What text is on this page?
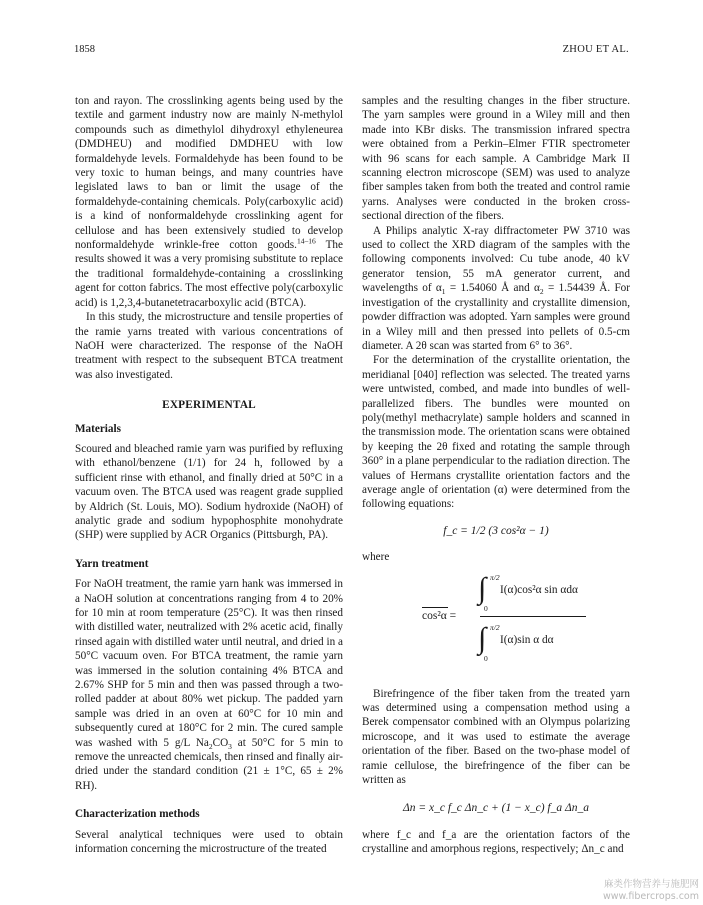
1858	ZHOU ET AL.

ton and rayon. The crosslinking agents being used by the textile and garment industry now are mainly N-methylol compounds such as dimethylol dihydroxyl ethyleneurea (DMDHEU) and modified DMDHEU with low formaldehyde levels. Formaldehyde has been found to be very toxic to human beings, and many countries have legislated laws to ban or limit the usage of the formaldehyde-containing chemicals. Poly(carboxylic acid) is a kind of nonformaldehyde crosslinking agent for cellulose and has been extensively studied to develop nonformaldehyde wrinkle-free cotton goods.$^{14-16}$ The results showed it was a very promising substitute to replace the traditional formaldehyde-containing a crosslinking agent for cotton fabrics. The most effective poly(carboxylic acid) is 1,2,3,4-butanetetracarboxylic acid (BTCA).

In this study, the microstructure and tensile properties of the ramie yarns treated with various concentrations of NaOH were characterized. The response of the NaOH treatment with respect to the subsequent BTCA treatment was also investigated.

EXPERIMENTAL
Materials

Scoured and bleached ramie yarn was purified by refluxing with ethanol/benzene (1/1) for 24 h, followed by a sufficient rinse with ethanol, and finally dried at 50°C in a vacuum oven. The BTCA used was reagent grade supplied by Aldrich (St. Louis, MO). Sodium hydroxide (NaOH) of analytic grade and sodium hypophosphite monohydrate (SHP) were supplied by ACR Organics (Pittsburgh, PA).

Yarn treatment

For NaOH treatment, the ramie yarn hank was immersed in a NaOH solution at concentrations ranging from 4 to 20% for 10 min at room temperature (25°C). It was then rinsed with distilled water, neutralized with 2% acetic acid, finally rinsed again with distilled water until neutral, and dried in a 50°C vacuum oven. For BTCA treatment, the ramie yarn was immersed in the solution containing 4% BTCA and 2.67% SHP for 5 min and then was passed through a two-rolled padder at about 80% wet pickup. The padded yarn sample was dried in an oven at 60°C for 10 min and subsequently cured at 180°C for 2 min. The cured sample was washed with 5 g/L $Na_2CO_3$ at 50°C for 5 min to remove the unreacted chemicals, then rinsed and finally air-dried under the standard condition (21 ± 1°C, 65 ± 2% RH).

Characterization methods

Several analytical techniques were used to obtain information concerning the microstructure of the treated

samples and the resulting changes in the fiber structure. The yarn samples were ground in a Wiley mill and then made into KBr disks. The transmission infrared spectra were obtained from a Perkin–Elmer FTIR spectrometer with 96 scans for each sample. A Cambridge Mark II scanning electron microscope (SEM) was used to analyze fiber samples taken from both the treated and control ramie yarns. Analyses were conducted in the broken cross-sectional direction of the fibers.

A Philips analytic X-ray diffractometer PW 3710 was used to collect the XRD diagram of the samples with the following components involved: Cu tube anode, 40 kV generator tension, 55 mA generator current, and wavelengths of $\alpha_1 = 1.54060$ Å and $\alpha_2 = 1.54439$ Å. For investigation of the crystallinity and crystallite dimension, powder diffraction was adopted. Yarn samples were ground in a Wiley mill and then pressed into pellets of 0.5-cm diameter. A 2θ scan was started from 6° to 36°.

For the determination of the crystallite orientation, the meridianal [040] reflection was selected. The treated yarns were untwisted, combed, and made into bundles of well-parallelized fibers. The bundles were mounted on poly(methyl methacrylate) sample holders and scanned in the transmission mode. The orientation scans were obtained by keeping the 2θ fixed and rotating the sample through 360° in a plane perpendicular to the radiation direction. The values of Hermans crystallite orientation factors and the average angle of orientation (α) were determined from the following equations:

f_c = 1/2 (3 cos²α − 1)

where

cos²α =
∫ π/2
0
I(α)cos²α sin αdα
∫ π/2
0
I(α)sin α dα

Birefringence of the fiber taken from the treated yarn was determined using a compensation method using a Berek compensator combined with an Olympus polarizing microscope, and it was used to estimate the average orientation of the fiber. Based on the two-phase model of ramie cellulose, the birefringence of the fiber can be written as

Δn = x_c f_c Δn_c + (1 − x_c) f_a Δn_a

where f_c and f_a are the orientation factors of the crystalline and amorphous regions, respectively; Δn_c and

麻类作物营养与施肥网
www.fibercrops.com
